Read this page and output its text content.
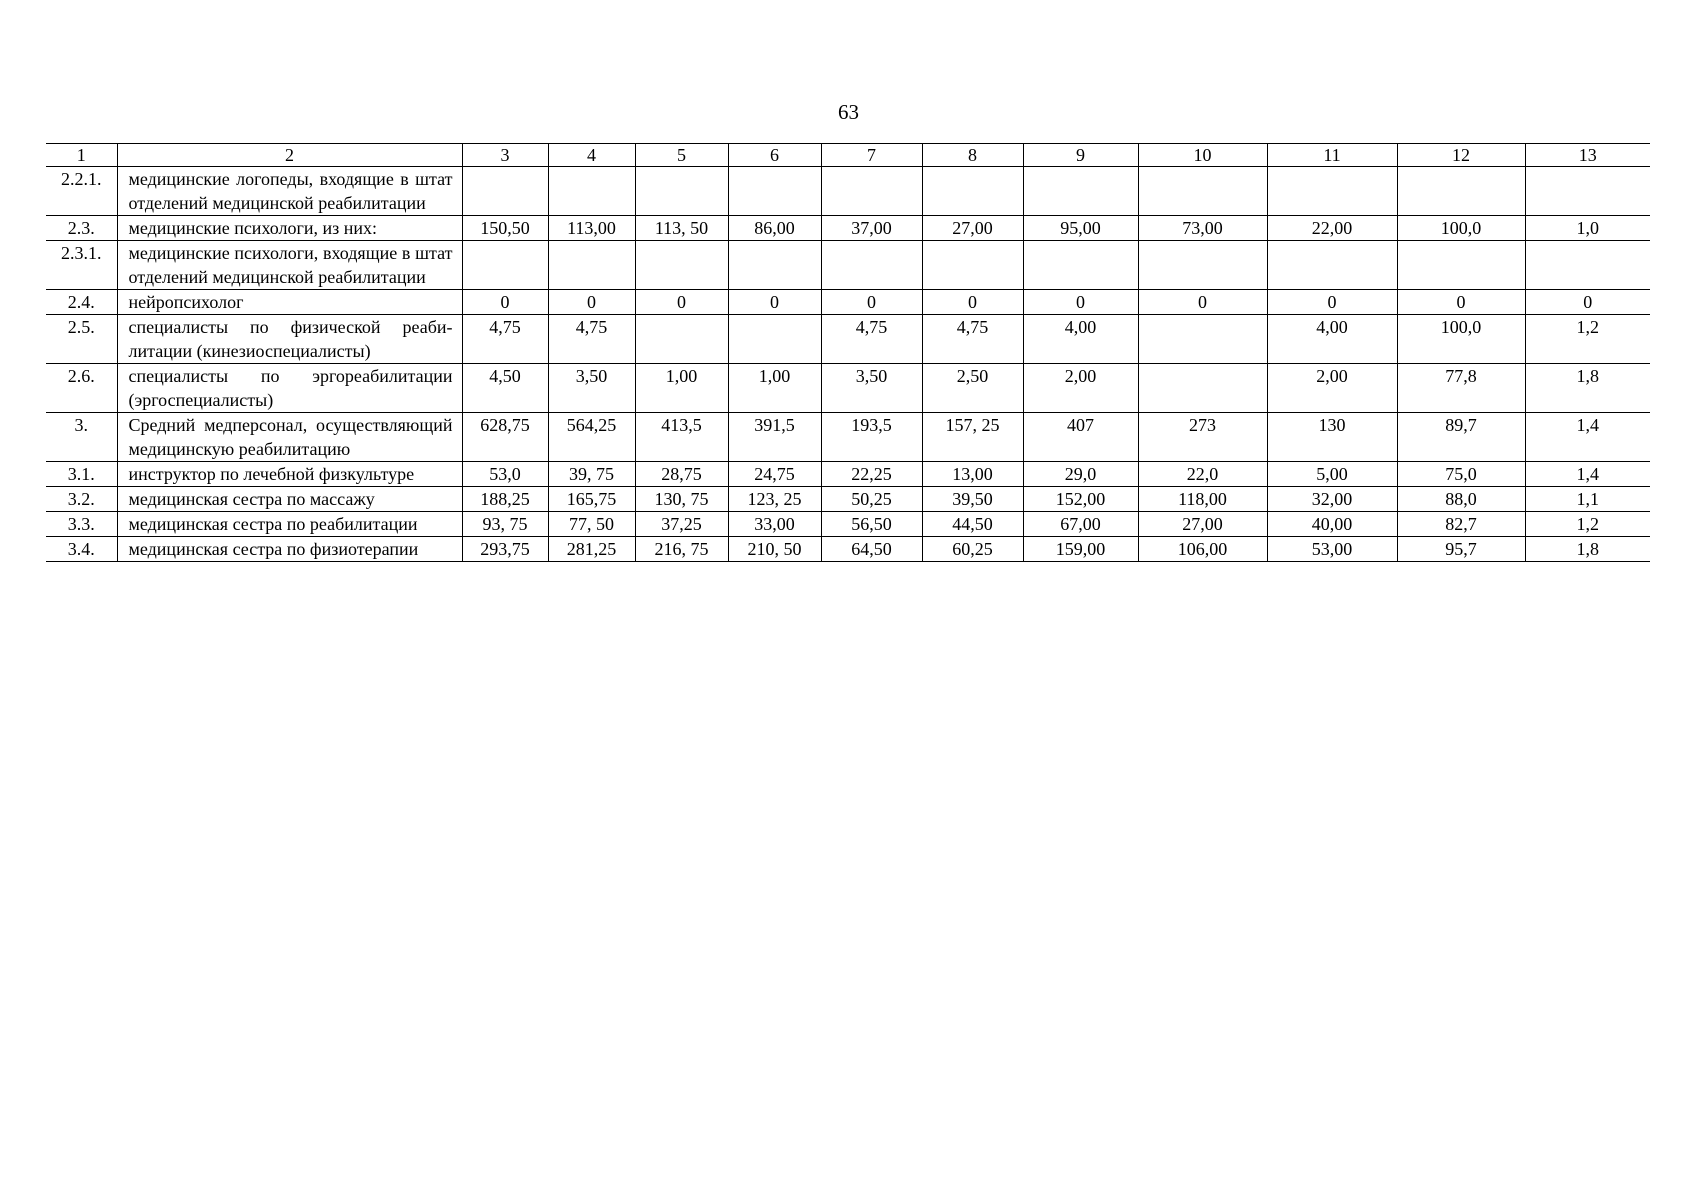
63
1	2	3	4	5	6	7	8	9	10	11	12	13
2.2.1.	медицинские логопеды, входящие в штат отделений медицинской реабилитации											
2.3.	медицинские психологи, из них:	150,50	113,00	113, 50	86,00	37,00	27,00	95,00	73,00	22,00	100,0	1,0
2.3.1.	медицинские психологи, входящие в штат отделений медицинской реабилитации											
2.4.	нейропсихолог	0	0	0	0	0	0	0	0	0	0	0
2.5.	специалисты по физической реабилитации (кинезиоспециалисты)	4,75	4,75			4,75	4,75	4,00		4,00	100,0	1,2
2.6.	специалисты по эргореабилитации (эргоспециалисты)	4,50	3,50	1,00	1,00	3,50	2,50	2,00		2,00	77,8	1,8
3.	Средний медперсонал, осуществляющий медицинскую реабилитацию	628,75	564,25	413,5	391,5	193,5	157, 25	407	273	130	89,7	1,4
3.1.	инструктор по лечебной физкультуре	53,0	39, 75	28,75	24,75	22,25	13,00	29,0	22,0	5,00	75,0	1,4
3.2.	медицинская сестра по массажу	188,25	165,75	130, 75	123, 25	50,25	39,50	152,00	118,00	32,00	88,0	1,1
3.3.	медицинская сестра по реабилитации	93, 75	77, 50	37,25	33,00	56,50	44,50	67,00	27,00	40,00	82,7	1,2
3.4.	медицинская сестра по физиотерапии	293,75	281,25	216, 75	210, 50	64,50	60,25	159,00	106,00	53,00	95,7	1,8
